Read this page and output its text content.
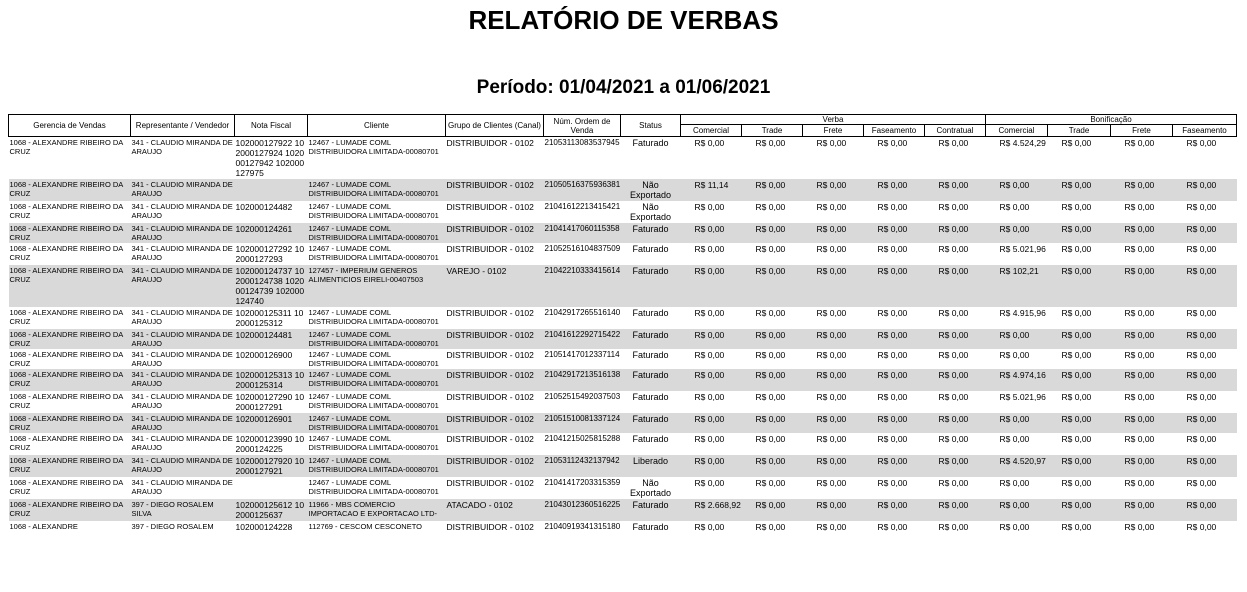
RELATÓRIO DE VERBAS
Período: 01/04/2021 a 01/06/2021
Gerencia de Vendas	Representante / Vendedor	Nota Fiscal	Cliente	Grupo de Clientes (Canal)	Núm. Ordem de Venda	Status	Verba					Bonificação			
							Comercial	Trade	Frete	Faseamento	Contratual	Comercial	Trade	Frete	Faseamento
1068 - ALEXANDRE RIBEIRO DA CRUZ	341 - CLAUDIO MIRANDA DE ARAUJO	102000127922 102000127924 102000127942 102000127975	12467 - LUMADE COML DISTRIBUIDORA LIMITADA-00080701	DISTRIBUIDOR - 0102	21053113083537945	Faturado	R$ 0,00	R$ 0,00	R$ 0,00	R$ 0,00	R$ 0,00	R$ 4.524,29	R$ 0,00	R$ 0,00	R$ 0,00
1068 - ALEXANDRE RIBEIRO DA CRUZ	341 - CLAUDIO MIRANDA DE ARAUJO		12467 - LUMADE COML DISTRIBUIDORA LIMITADA-00080701	DISTRIBUIDOR - 0102	21050516375936381	Não Exportado	R$ 11,14	R$ 0,00	R$ 0,00	R$ 0,00	R$ 0,00	R$ 0,00	R$ 0,00	R$ 0,00	R$ 0,00
1068 - ALEXANDRE RIBEIRO DA CRUZ	341 - CLAUDIO MIRANDA DE ARAUJO	102000124482	12467 - LUMADE COML DISTRIBUIDORA LIMITADA-00080701	DISTRIBUIDOR - 0102	21041612213415421	Não Exportado	R$ 0,00	R$ 0,00	R$ 0,00	R$ 0,00	R$ 0,00	R$ 0,00	R$ 0,00	R$ 0,00	R$ 0,00
1068 - ALEXANDRE RIBEIRO DA CRUZ	341 - CLAUDIO MIRANDA DE ARAUJO	102000124261	12467 - LUMADE COML DISTRIBUIDORA LIMITADA-00080701	DISTRIBUIDOR - 0102	21041417060115358	Faturado	R$ 0,00	R$ 0,00	R$ 0,00	R$ 0,00	R$ 0,00	R$ 0,00	R$ 0,00	R$ 0,00	R$ 0,00
1068 - ALEXANDRE RIBEIRO DA CRUZ	341 - CLAUDIO MIRANDA DE ARAUJO	102000127292 102000127293	12467 - LUMADE COML DISTRIBUIDORA LIMITADA-00080701	DISTRIBUIDOR - 0102	21052516104837509	Faturado	R$ 0,00	R$ 0,00	R$ 0,00	R$ 0,00	R$ 0,00	R$ 5.021,96	R$ 0,00	R$ 0,00	R$ 0,00
1068 - ALEXANDRE RIBEIRO DA CRUZ	341 - CLAUDIO MIRANDA DE ARAUJO	102000124737 102000124738 102000124739 102000124740	127457 - IMPERIUM GENEROS ALIMENTICIOS EIRELI-00407503	VAREJO - 0102	21042210333415614	Faturado	R$ 0,00	R$ 0,00	R$ 0,00	R$ 0,00	R$ 0,00	R$ 102,21	R$ 0,00	R$ 0,00	R$ 0,00
1068 - ALEXANDRE RIBEIRO DA CRUZ	341 - CLAUDIO MIRANDA DE ARAUJO	102000125311 102000125312	12467 - LUMADE COML DISTRIBUIDORA LIMITADA-00080701	DISTRIBUIDOR - 0102	21042917265516140	Faturado	R$ 0,00	R$ 0,00	R$ 0,00	R$ 0,00	R$ 0,00	R$ 4.915,96	R$ 0,00	R$ 0,00	R$ 0,00
1068 - ALEXANDRE RIBEIRO DA CRUZ	341 - CLAUDIO MIRANDA DE ARAUJO	102000124481	12467 - LUMADE COML DISTRIBUIDORA LIMITADA-00080701	DISTRIBUIDOR - 0102	21041612292715422	Faturado	R$ 0,00	R$ 0,00	R$ 0,00	R$ 0,00	R$ 0,00	R$ 0,00	R$ 0,00	R$ 0,00	R$ 0,00
1068 - ALEXANDRE RIBEIRO DA CRUZ	341 - CLAUDIO MIRANDA DE ARAUJO	102000126900	12467 - LUMADE COML DISTRIBUIDORA LIMITADA-00080701	DISTRIBUIDOR - 0102	21051417012337114	Faturado	R$ 0,00	R$ 0,00	R$ 0,00	R$ 0,00	R$ 0,00	R$ 0,00	R$ 0,00	R$ 0,00	R$ 0,00
1068 - ALEXANDRE RIBEIRO DA CRUZ	341 - CLAUDIO MIRANDA DE ARAUJO	102000125313 102000125314	12467 - LUMADE COML DISTRIBUIDORA LIMITADA-00080701	DISTRIBUIDOR - 0102	21042917213516138	Faturado	R$ 0,00	R$ 0,00	R$ 0,00	R$ 0,00	R$ 0,00	R$ 4.974,16	R$ 0,00	R$ 0,00	R$ 0,00
1068 - ALEXANDRE RIBEIRO DA CRUZ	341 - CLAUDIO MIRANDA DE ARAUJO	102000127290 102000127291	12467 - LUMADE COML DISTRIBUIDORA LIMITADA-00080701	DISTRIBUIDOR - 0102	21052515492037503	Faturado	R$ 0,00	R$ 0,00	R$ 0,00	R$ 0,00	R$ 0,00	R$ 5.021,96	R$ 0,00	R$ 0,00	R$ 0,00
1068 - ALEXANDRE RIBEIRO DA CRUZ	341 - CLAUDIO MIRANDA DE ARAUJO	102000126901	12467 - LUMADE COML DISTRIBUIDORA LIMITADA-00080701	DISTRIBUIDOR - 0102	21051510081337124	Faturado	R$ 0,00	R$ 0,00	R$ 0,00	R$ 0,00	R$ 0,00	R$ 0,00	R$ 0,00	R$ 0,00	R$ 0,00
1068 - ALEXANDRE RIBEIRO DA CRUZ	341 - CLAUDIO MIRANDA DE ARAUJO	102000123990 102000124225	12467 - LUMADE COML DISTRIBUIDORA LIMITADA-00080701	DISTRIBUIDOR - 0102	21041215025815288	Faturado	R$ 0,00	R$ 0,00	R$ 0,00	R$ 0,00	R$ 0,00	R$ 0,00	R$ 0,00	R$ 0,00	R$ 0,00
1068 - ALEXANDRE RIBEIRO DA CRUZ	341 - CLAUDIO MIRANDA DE ARAUJO	102000127920 102000127921	12467 - LUMADE COML DISTRIBUIDORA LIMITADA-00080701	DISTRIBUIDOR - 0102	21053112432137942	Liberado	R$ 0,00	R$ 0,00	R$ 0,00	R$ 0,00	R$ 0,00	R$ 4.520,97	R$ 0,00	R$ 0,00	R$ 0,00
1068 - ALEXANDRE RIBEIRO DA CRUZ	341 - CLAUDIO MIRANDA DE ARAUJO		12467 - LUMADE COML DISTRIBUIDORA LIMITADA-00080701	DISTRIBUIDOR - 0102	21041417203315359	Não Exportado	R$ 0,00	R$ 0,00	R$ 0,00	R$ 0,00	R$ 0,00	R$ 0,00	R$ 0,00	R$ 0,00	R$ 0,00
1068 - ALEXANDRE RIBEIRO DA CRUZ	397 - DIEGO ROSALEM SILVA	102000125612 102000125637	11966 - MBS COMERCIO IMPORTACAO E EXPORTACAO LTD-	ATACADO - 0102	21043012360516225	Faturado	R$ 2.668,92	R$ 0,00	R$ 0,00	R$ 0,00	R$ 0,00	R$ 0,00	R$ 0,00	R$ 0,00	R$ 0,00
1068 - ALEXANDRE	397 - DIEGO ROSALEM	102000124228	112769 - CESCOM CESCONETO	DISTRIBUIDOR - 0102	21040919341315180	Faturado	R$ 0,00	R$ 0,00	R$ 0,00	R$ 0,00	R$ 0,00	R$ 0,00	R$ 0,00	R$ 0,00	R$ 0,00
